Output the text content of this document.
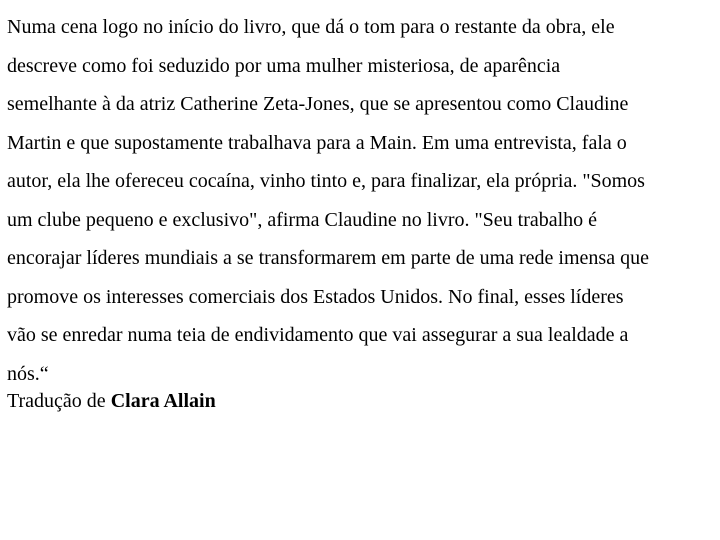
Numa cena logo no início do livro, que dá o tom para o restante da obra, ele
descreve como foi seduzido por uma mulher misteriosa, de aparência
semelhante à da atriz Catherine Zeta-Jones, que se apresentou como Claudine
Martin e que supostamente trabalhava para a Main. Em uma entrevista, fala o
autor, ela lhe ofereceu cocaína, vinho tinto e, para finalizar, ela própria. "Somos
um clube pequeno e exclusivo", afirma Claudine no livro. "Seu trabalho é
encorajar líderes mundiais a se transformarem em parte de uma rede imensa que
promove os interesses comerciais dos Estados Unidos. No final, esses líderes
vão se enredar numa teia de endividamento que vai assegurar a sua lealdade a
nós.“
Tradução de Clara Allain
